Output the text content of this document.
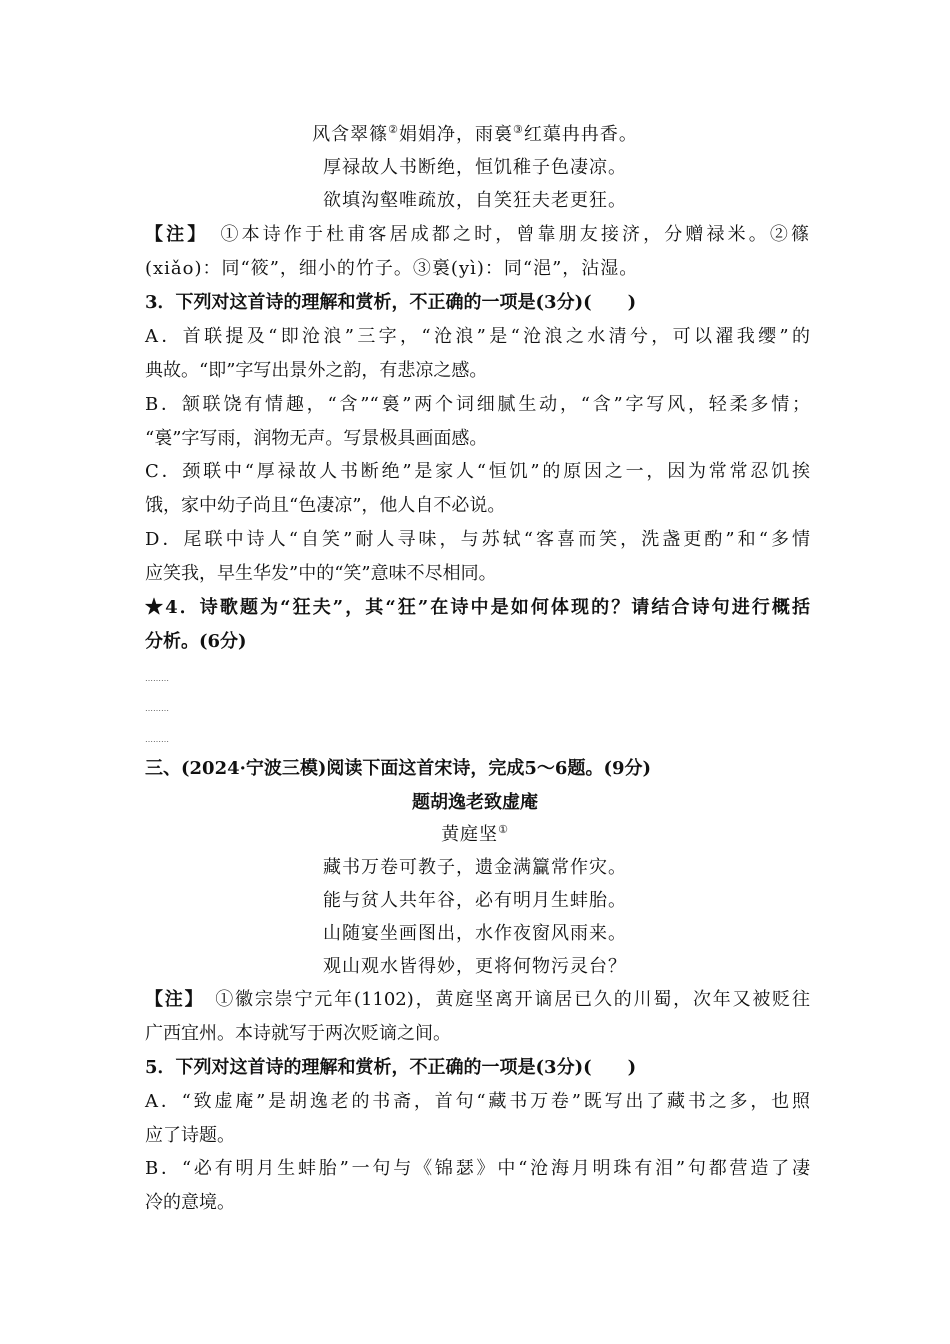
风含翠篠②娟娟净，雨裛③红蕖冉冉香。
厚禄故人书断绝，恒饥稚子色凄凉。
欲填沟壑唯疏放，自笑狂夫老更狂。
【注】　 ①本诗作于杜甫客居成都之时，曾靠朋友接济，分赠禄米。②篠
(xiǎo)：同“筱”，细小的竹子。③裛(yì)：同“浥”，沾湿。
3．下列对这首诗的理解和赏析，不正确的一项是(3分)(　　)
A．首联提及“即沧浪”三字，“沧浪”是“沧浪之水清兮，可以濯我缨”的
典故。“即”字写出景外之韵，有悲凉之感。
B．颔联饶有情趣，“含”“裛”两个词细腻生动，“含”字写风，轻柔多情；
“裛”字写雨，润物无声。写景极具画面感。
C．颈联中“厚禄故人书断绝”是家人“恒饥”的原因之一，因为常常忍饥挨
饿，家中幼子尚且“色凄凉”，他人自不必说。
D．尾联中诗人“自笑”耐人寻味，与苏轼“客喜而笑，洗盏更酌”和“多情
应笑我，早生华发”中的“笑”意味不尽相同。
★4．诗歌题为“狂夫”，其“狂”在诗中是如何体现的？请结合诗句进行概括
分析。(6分)
………
………
………
三、(2024·宁波三模)阅读下面这首宋诗，完成5～6题。(9分)
题胡逸老致虚庵
黄庭坚①
藏书万卷可教子，遗金满籯常作灾。
能与贫人共年谷，必有明月生蚌胎。
山随宴坐画图出，水作夜窗风雨来。
观山观水皆得妙，更将何物污灵台？
【注】　 ①徽宗崇宁元年(1102)，黄庭坚离开谪居已久的川蜀，次年又被贬往
广西宜州。本诗就写于两次贬谪之间。
5．下列对这首诗的理解和赏析，不正确的一项是(3分)(　　)
A．“致虚庵”是胡逸老的书斋，首句“藏书万卷”既写出了藏书之多，也照
应了诗题。
B．“必有明月生蚌胎”一句与《锦瑟》中“沧海月明珠有泪”句都营造了凄
冷的意境。
